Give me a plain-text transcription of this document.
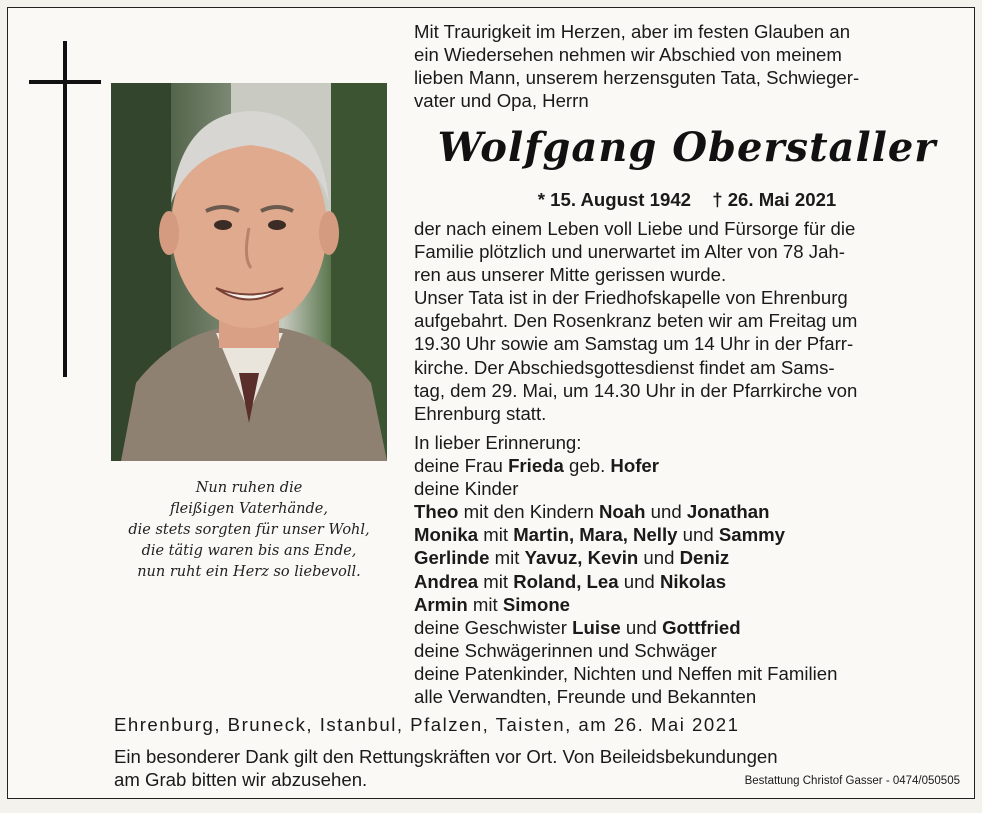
Nun ruhen die
fleißigen Vaterhände,
die stets sorgten für unser Wohl,
die tätig waren bis ans Ende,
nun ruht ein Herz so liebevoll.

Mit Traurigkeit im Herzen, aber im festen Glauben an

ein Wiedersehen nehmen wir Abschied von meinem

lieben Mann, unserem herzensguten Tata, Schwieger-

vater und Opa, Herrn

Wolfgang Oberstaller
* 15. August 1942 † 26. Mai 2021

der nach einem Leben voll Liebe und Fürsorge für die

Familie plötzlich und unerwartet im Alter von 78 Jah-

ren aus unserer Mitte gerissen wurde.

Unser Tata ist in der Friedhofskapelle von Ehrenburg

aufgebahrt. Den Rosenkranz beten wir am Freitag um

19.30 Uhr sowie am Samstag um 14 Uhr in der Pfarr-

kirche. Der Abschiedsgottesdienst findet am Sams-

tag, dem 29. Mai, um 14.30 Uhr in der Pfarrkirche von

Ehrenburg statt.

In lieber Erinnerung:

deine Frau Frieda geb. Hofer

deine Kinder

Theo mit den Kindern Noah und Jonathan

Monika mit Martin, Mara, Nelly und Sammy

Gerlinde mit Yavuz, Kevin und Deniz

Andrea mit Roland, Lea und Nikolas

Armin mit Simone

deine Geschwister Luise und Gottfried

deine Schwägerinnen und Schwäger

deine Patenkinder, Nichten und Neffen mit Familien

alle Verwandten, Freunde und Bekannten

Ehrenburg, Bruneck, Istanbul, Pfalzen, Taisten, am 26. Mai 2021

Ein besonderer Dank gilt den Rettungskräften vor Ort. Von Beileidsbekundungen

am Grab bitten wir abzusehen.	Bestattung Christof Gasser - 0474/050505
